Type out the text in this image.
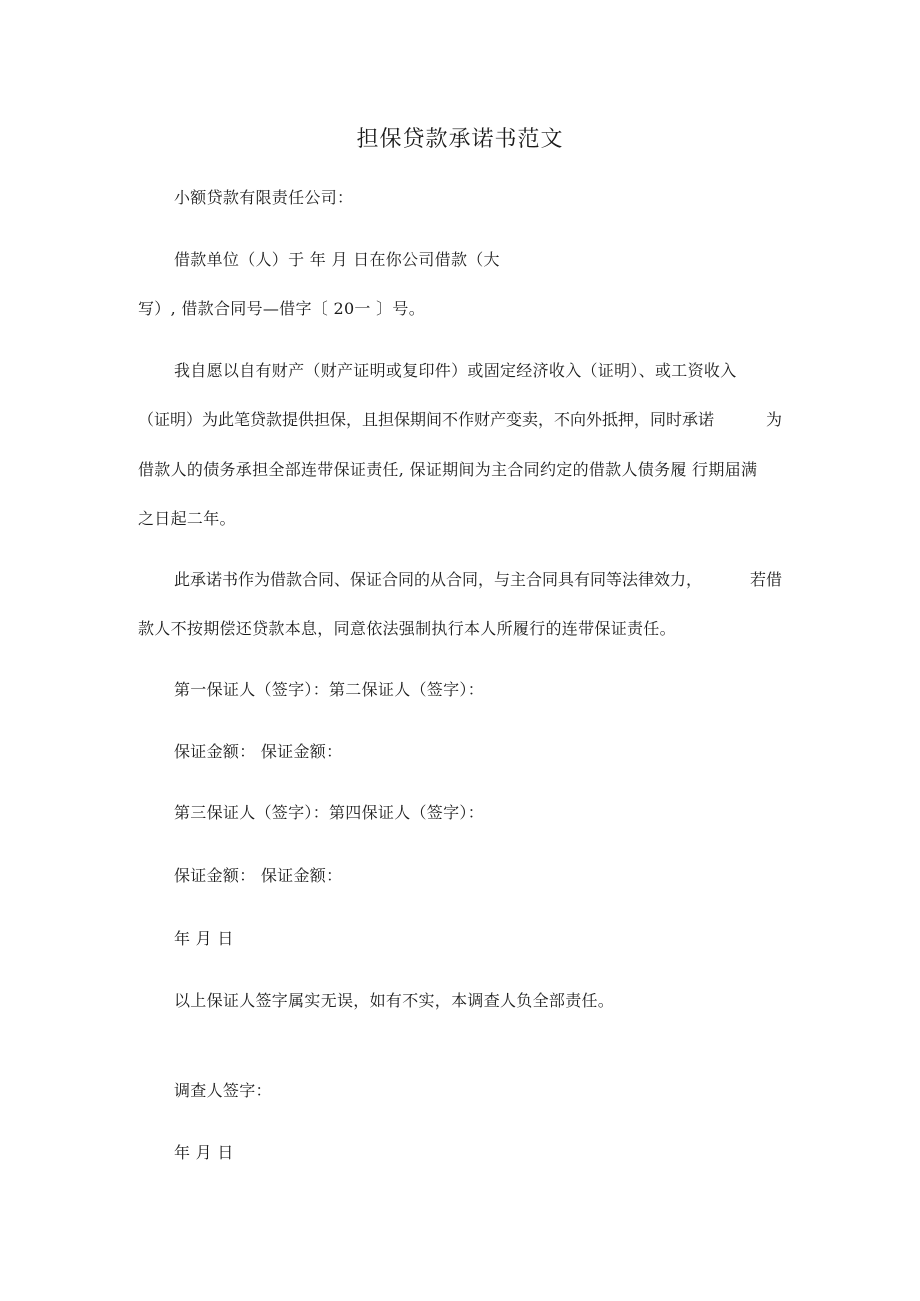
担保贷款承诺书范文
小额贷款有限责任公司：
借款单位（人）于 年 月 日在你公司借款（大
写）, 借款合同号—借字〔 20一 〕号。
我自愿以自有财产（财产证明或复印件）或固定经济收入（证明）、或工资收入
（证明）为此笔贷款提供担保，且担保期间不作财产变卖，不向外抵押，同时承诺	为
借款人的债务承担全部连带保证责任, 保证期间为主合同约定的借款人债务履 行期届满
之日起二年。
此承诺书作为借款合同、保证合同的从合同，与主合同具有同等法律效力，	若借
款人不按期偿还贷款本息，同意依法强制执行本人所履行的连带保证责任。
第一保证人（签字）：第二保证人（签字）：
保证金额： 保证金额：
第三保证人（签字）：第四保证人（签字）：
保证金额： 保证金额：
年 月 日
以上保证人签字属实无误，如有不实，本调查人负全部责任。
调查人签字：
年 月 日
